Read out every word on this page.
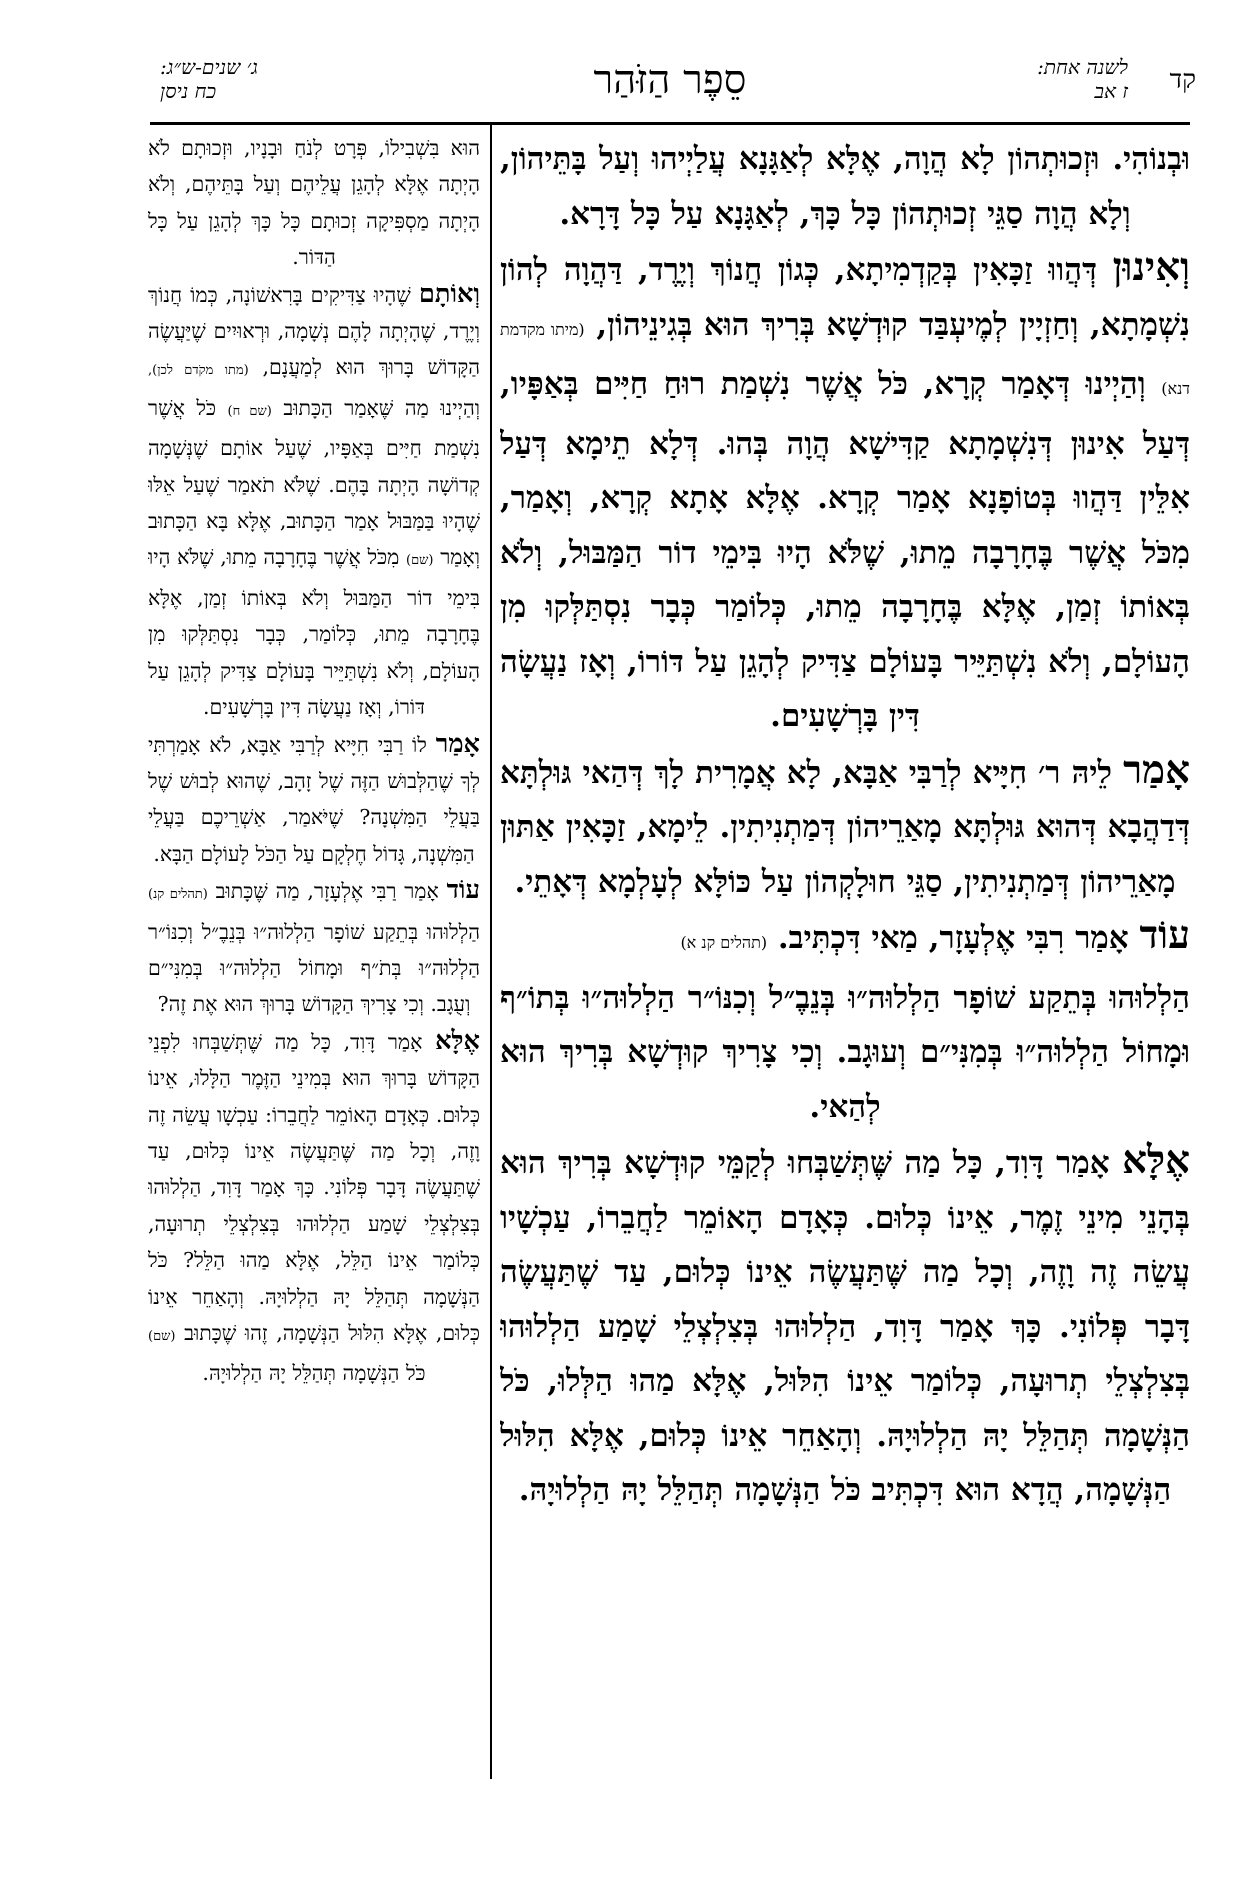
קד
לשנה אחת:
ז אב
סֵפֶר הַזֹּהַר
ג׳ שנים-ש״ג:
כח ניסן

וּבְנוֹהִי. וּזְכוּתְהוֹן לָא הֲוָה, אֶלָּא לְאַגָּנָא עֲלַיְיהוּ וְעַל בָּתֵּיהוֹן, וְלָא הֲוָה סַגֵּי זְכוּתְהוֹן כָּל כָּךְ, לְאַגָּנָא עַל כָּל דָּרָא.

וְאִינוּן דְּהֲווּ זַכָּאִין בְּקַדְמִיתָא, כְּגוֹן חֲנוֹךְ וְיֶרֶד, דַּהֲוָה לְהוֹן נִשְׁמָתָא, וְחַזְיָין לְמֶיעְבַּד קוּדְשָׁא בְּרִיךְ הוּא בְּגִינֵיהוֹן, (מיתו מקדמת דנא) וְהַיְינוּ דְּאָמַר קְרָא, כֹּל אֲשֶׁר נִשְׁמַת רוּחַ חַיִּים בְּאַפָּיו, דְּעַל אִינוּן דְּנִשְׁמָתָא קַדִּישָׁא הֲוָה בְּהוּ. דְּלָא תֵימָא דְּעַל אִלֵּין דַּהֲווּ בְּטוֹפָנָא אָמַר קְרָא. אֶלָּא אָתָא קְרָא, וְאָמַר, מִכֹּל אֲשֶׁר בֶּחָרָבָה מֵתוּ, שֶׁלֹּא הָיוּ בִּימֵי דוֹר הַמַּבּוּל, וְלֹא בְּאוֹתוֹ זְמַן, אֶלָּא בֶּחָרָבָה מֵתוּ, כְּלוֹמַר כְּבָר נִסְתַּלְּקוּ מִן הָעוֹלָם, וְלֹא נִשְׁתַּיֵּיר בָּעוֹלָם צַדִּיק לְהָגֵן עַל דּוֹרוֹ, וְאָז נַעֲשָׂה דִּין בָּרְשָׁעִים.

אָמַר לֵיהּ ר׳ חִיָּיא לְרַבִּי אַבָּא, לָא אֲמָרִית לָךְ דְּהַאי גּוּלְתָּא דְּדַהֲבָא דְּהוּא גּוּלְתָּא מָאַרֵיהוֹן דְּמַתְנִיתִין. לֵימָא, זַכָּאִין אַתּוּן מָאַרֵיהוֹן דְּמַתְנִיתִין, סַגֵּי חוּלָקְהוֹן עַל כּוֹלָּא לְעָלְמָא דְּאָתֵי.

עוֹד אָמַר רִבִּי אֶלְעָזָר, מַאי דִּכְתִּיב. (תהלים קנ א)

הַלְלוּהוּ בְּתֵקַע שׁוֹפָר הַלְלוּה״וּ בְּנֵבֶ״ל וְכִנּוֹ״ר הַלְלוּה״וּ בְּתוֹ״ף וּמָחוֹל הַלְלוּה״וּ בְּמִנִּי״ם וְעוּגָב. וְכִי צָרִיךְ קוּדְשָׁא בְּרִיךְ הוּא לְהַאי.

אֶלָּא אָמַר דָּוִד, כָּל מַה שֶּׁתְּשַׁבְּחוּ לְקַמֵּי קוּדְשָׁא בְּרִיךְ הוּא בְּהָנֵי מִינֵי זֶמֶר, אֵינוֹ כְּלוּם. כְּאָדָם הָאוֹמֵר לַחֲבֵרוֹ, עַכְשָׁיו עֲשֵׂה זֶה וָזֶה, וְכָל מַה שֶּׁתַּעֲשֶׂה אֵינוֹ כְּלוּם, עַד שֶׁתַּעֲשֶׂה דָּבָר פְּלוֹנִי. כָּךְ אָמַר דָּוִד, הַלְלוּהוּ בְּצִלְצְלֵי שָׁמַע הַלְלוּהוּ בְּצִלְצְלֵי תְרוּעָה, כְּלוֹמַר אֵינוֹ הִלּוּל, אֶלָּא מַהוּ הַלְּלוּ, כֹּל הַנְּשָׁמָה תְּהַלֵּל יָהּ הַלְלוּיָהּ. וְהָאַחֵר אֵינוֹ כְּלוּם, אֶלָּא הִלּוּל הַנְּשָׁמָה, הֲדָא הוּא דִּכְתִּיב כֹּל הַנְּשָׁמָה תְּהַלֵּל יָהּ הַלְלוּיָהּ.

הוּא בִּשְׁבִילוֹ, פְּרָט לְנֹחַ וּבָנָיו, וּזְכוּתָם לֹא הָיְתָה אֶלָּא לְהָגֵן עֲלֵיהֶם וְעַל בָּתֵּיהֶם, וְלֹא הָיְתָה מַסְפִּיקָה זְכוּתָם כָּל כָּךְ לְהָגֵן עַל כָּל הַדּוֹר.

וְאוֹתָם שֶׁהָיוּ צַדִּיקִים בָּרִאשׁוֹנָה, כְּמוֹ חֲנוֹךְ וְיֶרֶד, שֶׁהָיְתָה לָהֶם נְשָׁמָה, וּרְאוּיִים שֶׁיַּעֲשֶׂה הַקָּדוֹשׁ בָּרוּךְ הוּא לְמַעֲנָם, (מתו מקֹדם לכן), וְהַיְינוּ מַה שֶּׁאָמַר הַכָּתוּב (שם ח) כֹּל אֲשֶׁר נִשְׁמַת חַיִּים בְּאַפָּיו, שֶׁעַל אוֹתָם שֶׁנְּשָׁמָה קְדוֹשָׁה הָיְתָה בָּהֶם. שֶׁלֹּא תֹאמַר שֶׁעַל אֵלּוּ שֶׁהָיוּ בַּמַּבּוּל אָמַר הַכָּתוּב, אֶלָּא בָּא הַכָּתוּב וְאָמַר (שם) מִכֹּל אֲשֶׁר בֶּחָרָבָה מֵתוּ, שֶׁלֹּא הָיוּ בִּימֵי דוֹר הַמַּבּוּל וְלֹא בְּאוֹתוֹ זְמַן, אֶלָּא בֶּחָרָבָה מֵתוּ, כְּלוֹמַר, כְּבָר נִסְתַּלְּקוּ מִן הָעוֹלָם, וְלֹא נִשְׁתַּיֵּיר בָּעוֹלָם צַדִּיק לְהָגֵן עַל דּוֹרוֹ, וְאָז נַעֲשָׂה דִּין בָּרְשָׁעִים.

אָמַר לוֹ רַבִּי חִיָּיא לְרַבִּי אַבָּא, לֹא אָמַרְתִּי לְךָ שֶׁהַלְּבוּשׁ הַזֶּה שֶׁל זָהָב, שֶׁהוּא לְבוּשׁ שֶׁל בַּעֲלֵי הַמִּשְׁנָה? שֶׁיֹּאמַר, אַשְׁרֵיכֶם בַּעֲלֵי הַמִּשְׁנָה, גָּדוֹל חֶלְקָם עַל הַכֹּל לָעוֹלָם הַבָּא.

עוֹד אָמַר רַבִּי אֶלְעָזָר, מַה שֶּׁכָּתוּב (תהלים קנ) הַלְלוּהוּ בְּתֵקַע שׁוֹפָר הַלְלוּה״וּ בְּנֵבֶ״ל וְכִנּוֹ״ר הַלְלוּה״וּ בְּתֹ״ף וּמָחוֹל הַלְלוּה״וּ בְּמִנִּי״ם וְעֻגָב. וְכִי צָרִיךְ הַקָּדוֹשׁ בָּרוּךְ הוּא אֶת זֶה?

אֶלָּא אָמַר דָּוִד, כָּל מַה שֶּׁתְּשַׁבְּחוּ לִפְנֵי הַקָּדוֹשׁ בָּרוּךְ הוּא בְּמִינֵי הַזֶּמֶר הַלָּלוּ, אֵינוֹ כְּלוּם. כְּאָדָם הָאוֹמֵר לַחֲבֵרוֹ: עַכְשָׁו עֲשֵׂה זֶה וָזֶה, וְכָל מַה שֶּׁתַּעֲשֶׂה אֵינוֹ כְּלוּם, עַד שֶׁתַּעֲשֶׂה דָּבָר פְּלוֹנִי. כָּךְ אָמַר דָּוִד, הַלְלוּהוּ בְּצִלְצְלֵי שָׁמַע הַלְלוּהוּ בְּצִלְצְלֵי תְרוּעָה, כְּלוֹמַר אֵינוֹ הַלֵּל, אֶלָּא מַהוּ הַלֵּל? כֹּל הַנְּשָׁמָה תְּהַלֵּל יָהּ הַלְלוּיָהּ. וְהָאַחֵר אֵינוֹ כְּלוּם, אֶלָּא הִלּוּל הַנְּשָׁמָה, זֶהוּ שֶׁכָּתוּב (שם) כֹּל הַנְּשָׁמָה תְּהַלֵּל יָהּ הַלְלוּיָהּ.
